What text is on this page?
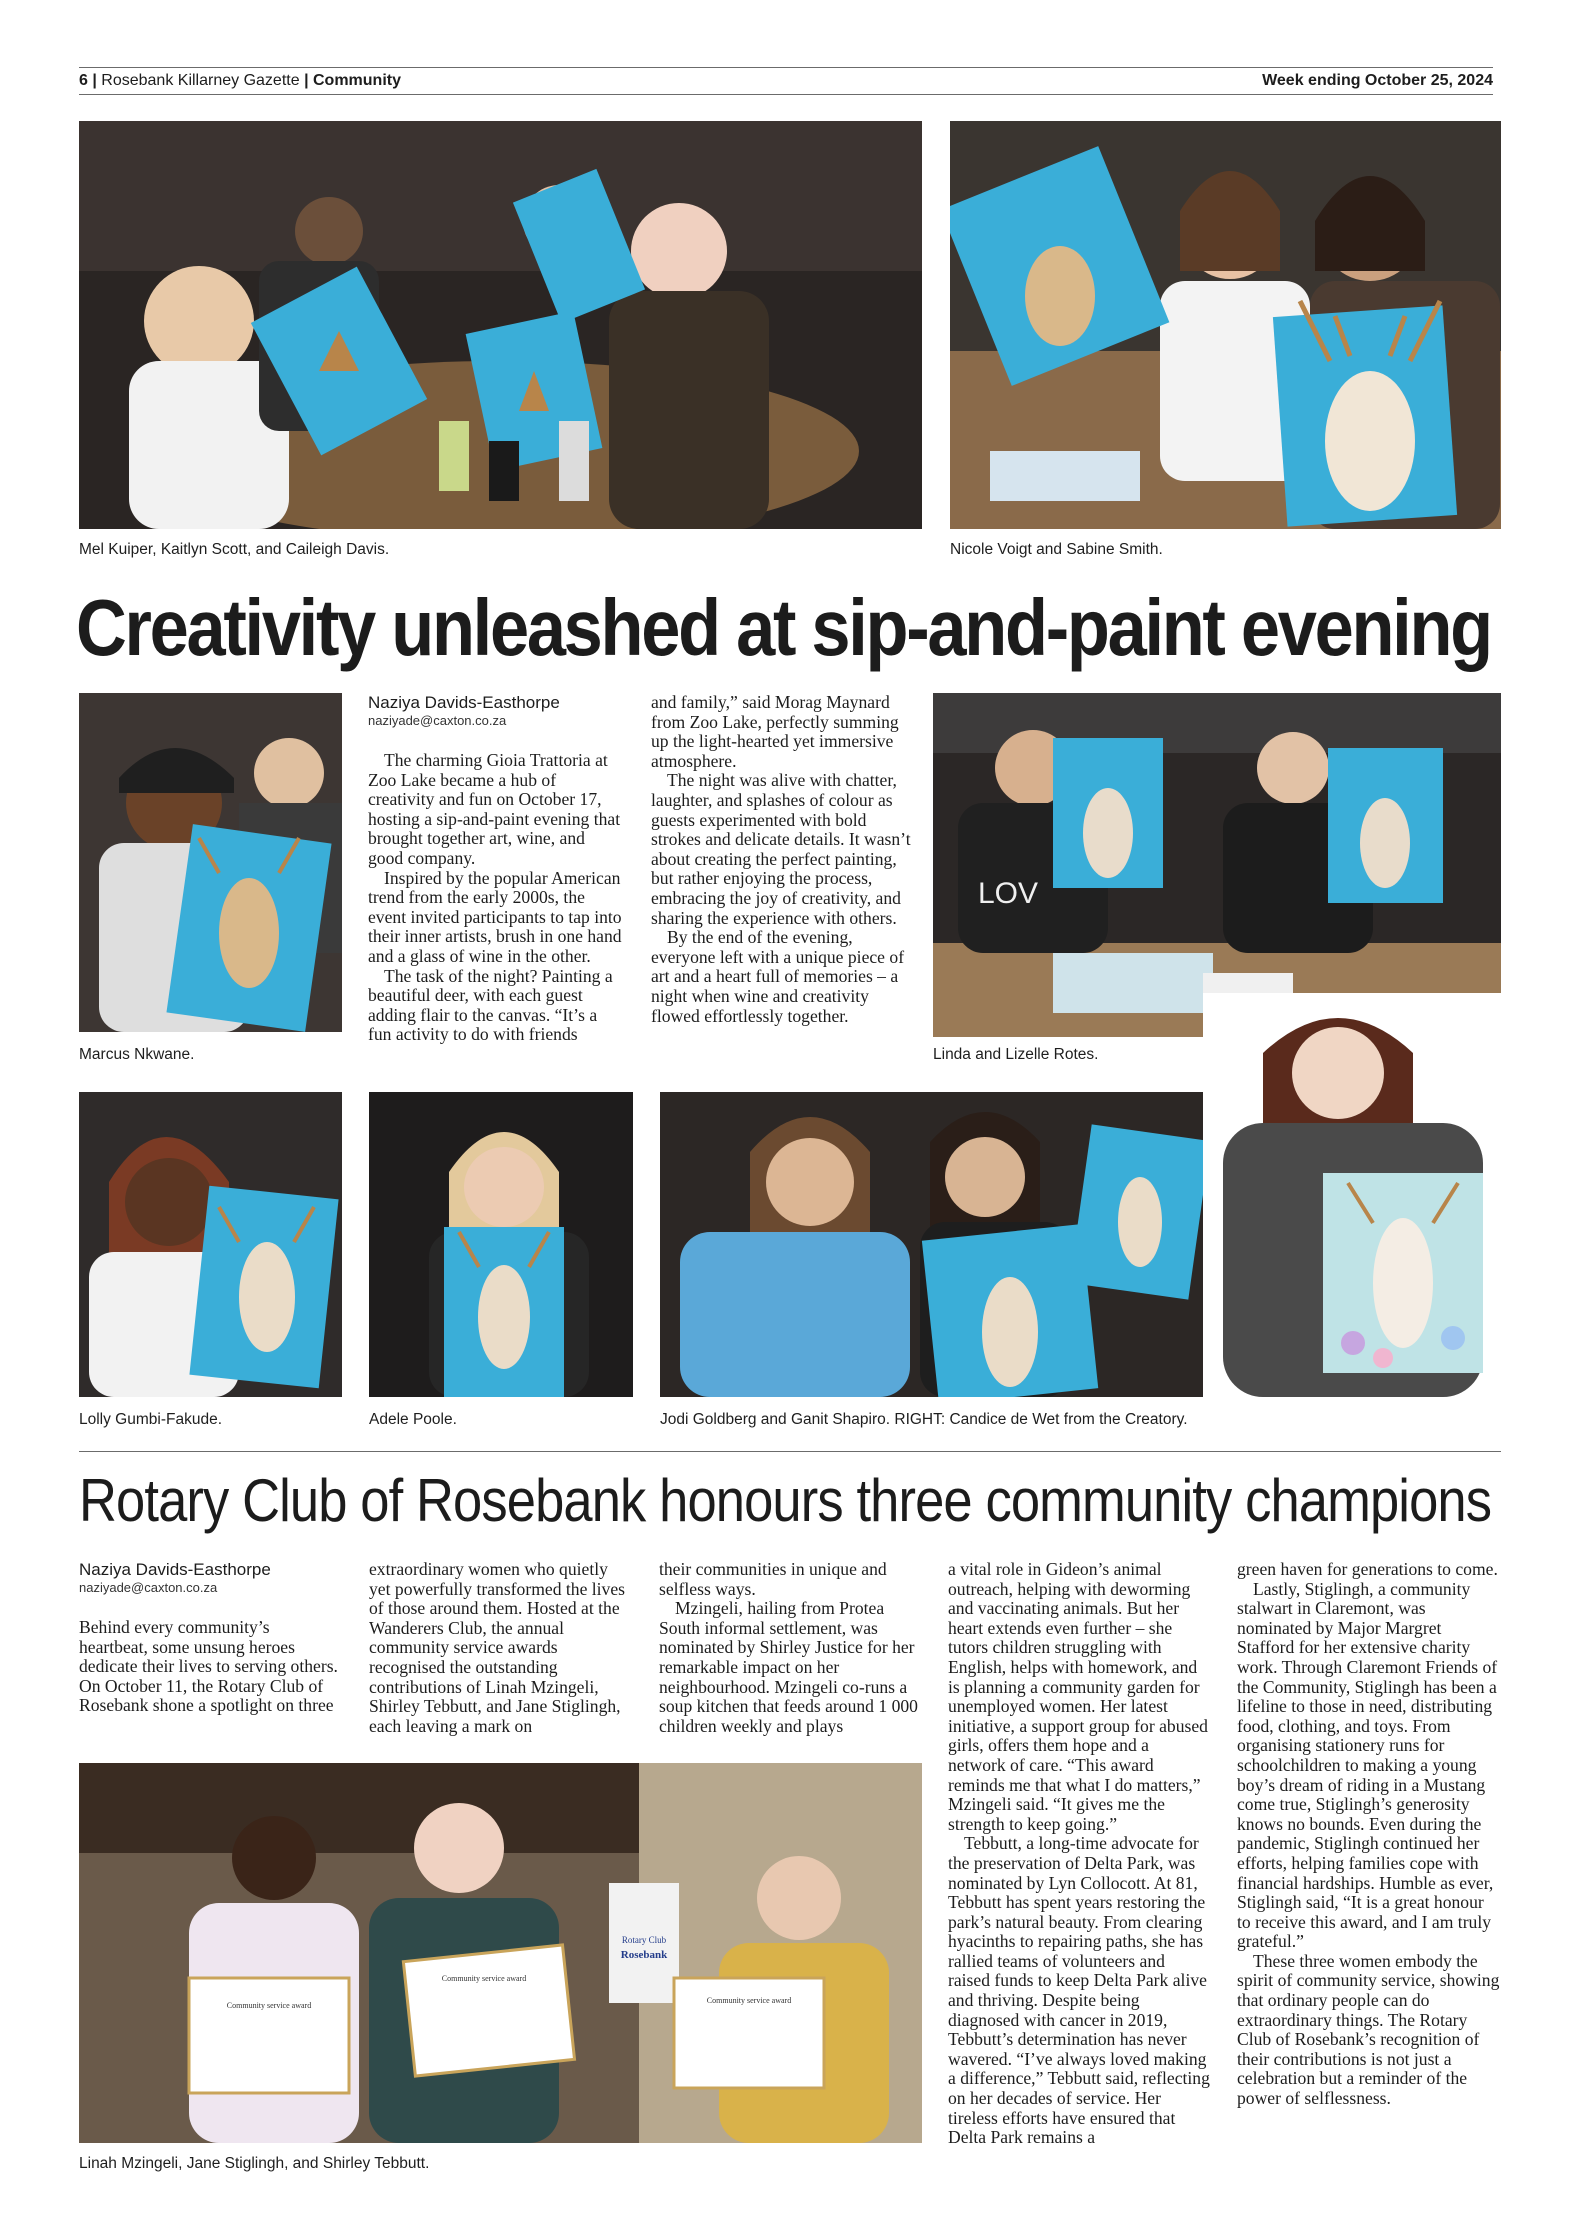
6 | Rosebank Killarney Gazette | Community	Week ending October 25, 2024
Mel Kuiper, Kaitlyn Scott, and Caileigh Davis.	Nicole Voigt and Sabine Smith.
Creativity unleashed at sip-and-paint evening
Marcus Nkwane.
Naziya Davids-Easthorpe
naziyade@caxton.co.za

The charming Gioia Trattoria at Zoo Lake became a hub of creativity and fun on October 17, hosting a sip-and-paint evening that brought together art, wine, and good company.

Inspired by the popular American trend from the early 2000s, the event invited participants to tap into their inner artists, brush in one hand and a glass of wine in the other.

The task of the night? Painting a beautiful deer, with each guest adding flair to the canvas. “It’s a fun activity to do with friends

and family,” said Morag Maynard from Zoo Lake, perfectly summing up the light-hearted yet immersive atmosphere.

The night was alive with chatter, laughter, and splashes of colour as guests experimented with bold strokes and delicate details. It wasn’t about creating the perfect painting, but rather enjoying the process, embracing the joy of creativity, and sharing the experience with others.

By the end of the evening, everyone left with a unique piece of art and a heart full of memories – a night when wine and creativity flowed effortlessly together.

LOV
Linda and Lizelle Rotes.
Lolly Gumbi-Fakude.	Adele Poole.	Jodi Goldberg and Ganit Shapiro. RIGHT: Candice de Wet from the Creatory.
Rotary Club of Rosebank honours three community champions
Naziya Davids-Easthorpe
naziyade@caxton.co.za

Behind every community’s heartbeat, some unsung heroes dedicate their lives to serving others. On October 11, the Rotary Club of Rosebank shone a spotlight on three

extraordinary women who quietly yet powerfully transformed the lives of those around them. Hosted at the Wanderers Club, the annual community service awards recognised the outstanding contributions of Linah Mzingeli, Shirley Tebbutt, and Jane Stiglingh, each leaving a mark on

their communities in unique and selfless ways.

Mzingeli, hailing from Protea South informal settlement, was nominated by Shirley Justice for her remarkable impact on her neighbourhood. Mzingeli co-runs a soup kitchen that feeds around 1 000 children weekly and plays

a vital role in Gideon’s animal outreach, helping with deworming and vaccinating animals. But her heart extends even further – she tutors children struggling with English, helps with homework, and is planning a community garden for unemployed women. Her latest initiative, a support group for abused girls, offers them hope and a network of care. “This award reminds me that what I do matters,” Mzingeli said. “It gives me the strength to keep going.”

Tebbutt, a long-time advocate for the preservation of Delta Park, was nominated by Lyn Collocott. At 81, Tebbutt has spent years restoring the park’s natural beauty. From clearing hyacinths to repairing paths, she has rallied teams of volunteers and raised funds to keep Delta Park alive and thriving. Despite being diagnosed with cancer in 2019, Tebbutt’s determination has never wavered. “I’ve always loved making a difference,” Tebbutt said, reflecting on her decades of service. Her tireless efforts have ensured that Delta Park remains a

green haven for generations to come.

Lastly, Stiglingh, a community stalwart in Claremont, was nominated by Major Margret Stafford for her extensive charity work. Through Claremont Friends of the Community, Stiglingh has been a lifeline to those in need, distributing food, clothing, and toys. From organising stationery runs for schoolchildren to making a young boy’s dream of riding in a Mustang come true, Stiglingh’s generosity knows no bounds. Even during the pandemic, Stiglingh continued her efforts, helping families cope with financial hardships. Humble as ever, Stiglingh said, “It is a great honour to receive this award, and I am truly grateful.”

These three women embody the spirit of community service, showing that ordinary people can do extraordinary things. The Rotary Club of Rosebank’s recognition of their contributions is not just a celebration but a reminder of the power of selflessness.

Rotary Club
Rosebank
Community service award
Community service award
Community service award
Linah Mzingeli, Jane Stiglingh, and Shirley Tebbutt.
